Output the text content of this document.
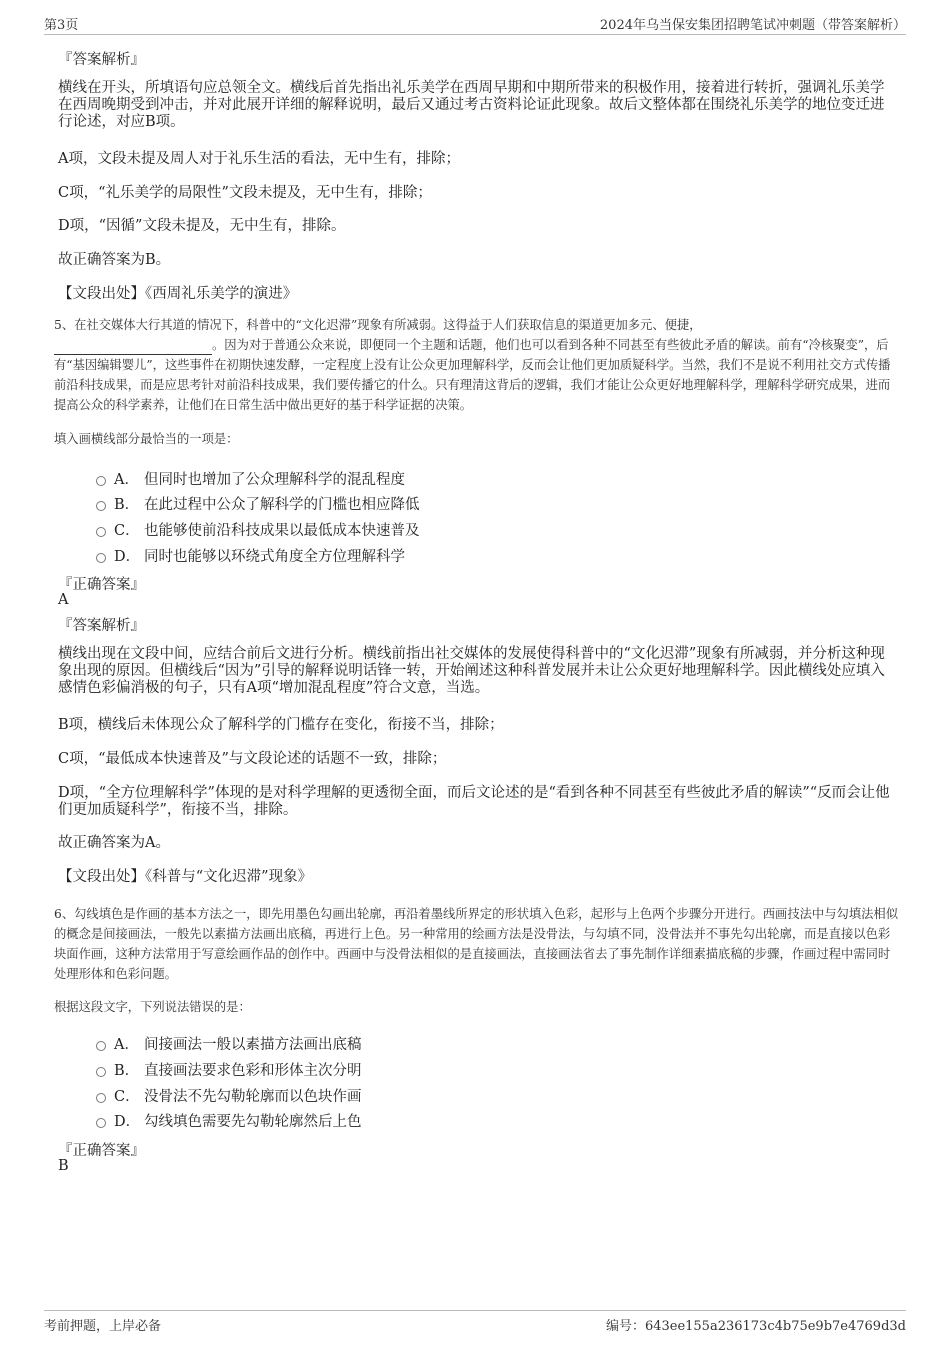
第3页	2024年乌当保安集团招聘笔试冲刺题（带答案解析）
『答案解析』

横线在开头，所填语句应总领全文。横线后首先指出礼乐美学在西周早期和中期所带来的积极作用，接着进行转折，强调礼乐美学在西周晚期受到冲击，并对此展开详细的解释说明，最后又通过考古资料论证此现象。故后文整体都在围绕礼乐美学的地位变迁进行论述，对应B项。

A项，文段未提及周人对于礼乐生活的看法，无中生有，排除；

C项，“礼乐美学的局限性”文段未提及，无中生有，排除；

D项，“因循”文段未提及，无中生有，排除。

故正确答案为B。

【文段出处】《西周礼乐美学的演进》

5、在社交媒体大行其道的情况下，科普中的“文化迟滞”现象有所减弱。这得益于人们获取信息的渠道更加多元、便捷，
。因为对于普通公众来说，即便同一个主题和话题，他们也可以看到各种不同甚至有些彼此矛盾的解读。前有“冷核聚变”，后有“基因编辑婴儿”，这些事件在初期快速发酵，一定程度上没有让公众更加理解科学，反而会让他们更加质疑科学。当然，我们不是说不利用社交方式传播前沿科技成果，而是应思考针对前沿科技成果，我们要传播它的什么。只有理清这背后的逻辑，我们才能让公众更好地理解科学，理解科学研究成果，进而提高公众的科学素养，让他们在日常生活中做出更好的基于科学证据的决策。

填入画横线部分最恰当的一项是：

A． 但同时也增加了公众理解科学的混乱程度
B． 在此过程中公众了解科学的门槛也相应降低
C． 也能够使前沿科技成果以最低成本快速普及
D． 同时也能够以环绕式角度全方位理解科学
『正确答案』
A
『答案解析』

横线出现在文段中间，应结合前后文进行分析。横线前指出社交媒体的发展使得科普中的“文化迟滞”现象有所减弱，并分析这种现象出现的原因。但横线后“因为”引导的解释说明话锋一转，开始阐述这种科普发展并未让公众更好地理解科学。因此横线处应填入感情色彩偏消极的句子，只有A项“增加混乱程度”符合文意，当选。

B项，横线后未体现公众了解科学的门槛存在变化，衔接不当，排除；

C项，“最低成本快速普及”与文段论述的话题不一致，排除；

D项，“全方位理解科学”体现的是对科学理解的更透彻全面，而后文论述的是“看到各种不同甚至有些彼此矛盾的解读”“反而会让他们更加质疑科学”，衔接不当，排除。

故正确答案为A。

【文段出处】《科普与“文化迟滞”现象》

6、勾线填色是作画的基本方法之一，即先用墨色勾画出轮廓，再沿着墨线所界定的形状填入色彩，起形与上色两个步骤分开进行。西画技法中与勾填法相似的概念是间接画法，一般先以素描方法画出底稿，再进行上色。另一种常用的绘画方法是没骨法，与勾填不同，没骨法并不事先勾出轮廓，而是直接以色彩块面作画，这种方法常用于写意绘画作品的创作中。西画中与没骨法相似的是直接画法，直接画法省去了事先制作详细素描底稿的步骤，作画过程中需同时处理形体和色彩问题。

根据这段文字，下列说法错误的是：

A． 间接画法一般以素描方法画出底稿
B． 直接画法要求色彩和形体主次分明
C． 没骨法不先勾勒轮廓而以色块作画
D． 勾线填色需要先勾勒轮廓然后上色
『正确答案』
B
考前押题，上岸必备	编号：643ee155a236173c4b75e9b7e4769d3d
